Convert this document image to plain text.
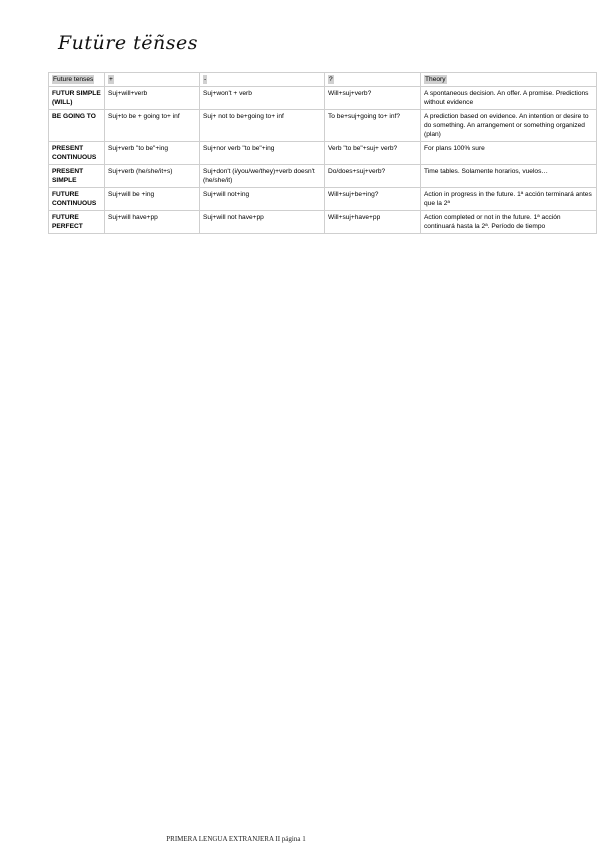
Futüre tëñses
Future tenses	+	-	?	Theory
FUTUR SIMPLE (WILL)	Suj+will+verb	Suj+won't + verb	Will+suj+verb?	A spontaneous decision. An offer. A promise. Predictions without evidence
BE GOING TO	Suj+to be + going to+ inf	Suj+ not to be+going to+ inf	To be+suj+going to+ inf?	A prediction based on evidence. An intention or desire to do something. An arrangement or something organized (plan)
PRESENT CONTINUOUS	Suj+verb "to be"+ing	Suj+nor verb "to be"+ing	Verb "to be"+suj+ verb?	For plans 100% sure
PRESENT SIMPLE	Suj+verb (he/she/it+s)	Suj+don't (i/you/we/they)+verb doesn't (he/she/it)	Do/does+suj+verb?	Time tables. Solamente horarios, vuelos…
FUTURE CONTINUOUS	Suj+will be +ing	Suj+will not+ing	Will+suj+be+ing?	Action in progress in the future. 1ª acción terminará antes que la 2ª
FUTURE PERFECT	Suj+will have+pp	Suj+will not have+pp	Will+suj+have+pp	Action completed or not in the future. 1ª acción continuará hasta la 2ª. Período de tiempo
PRIMERA LENGUA EXTRANJERA II página 1
